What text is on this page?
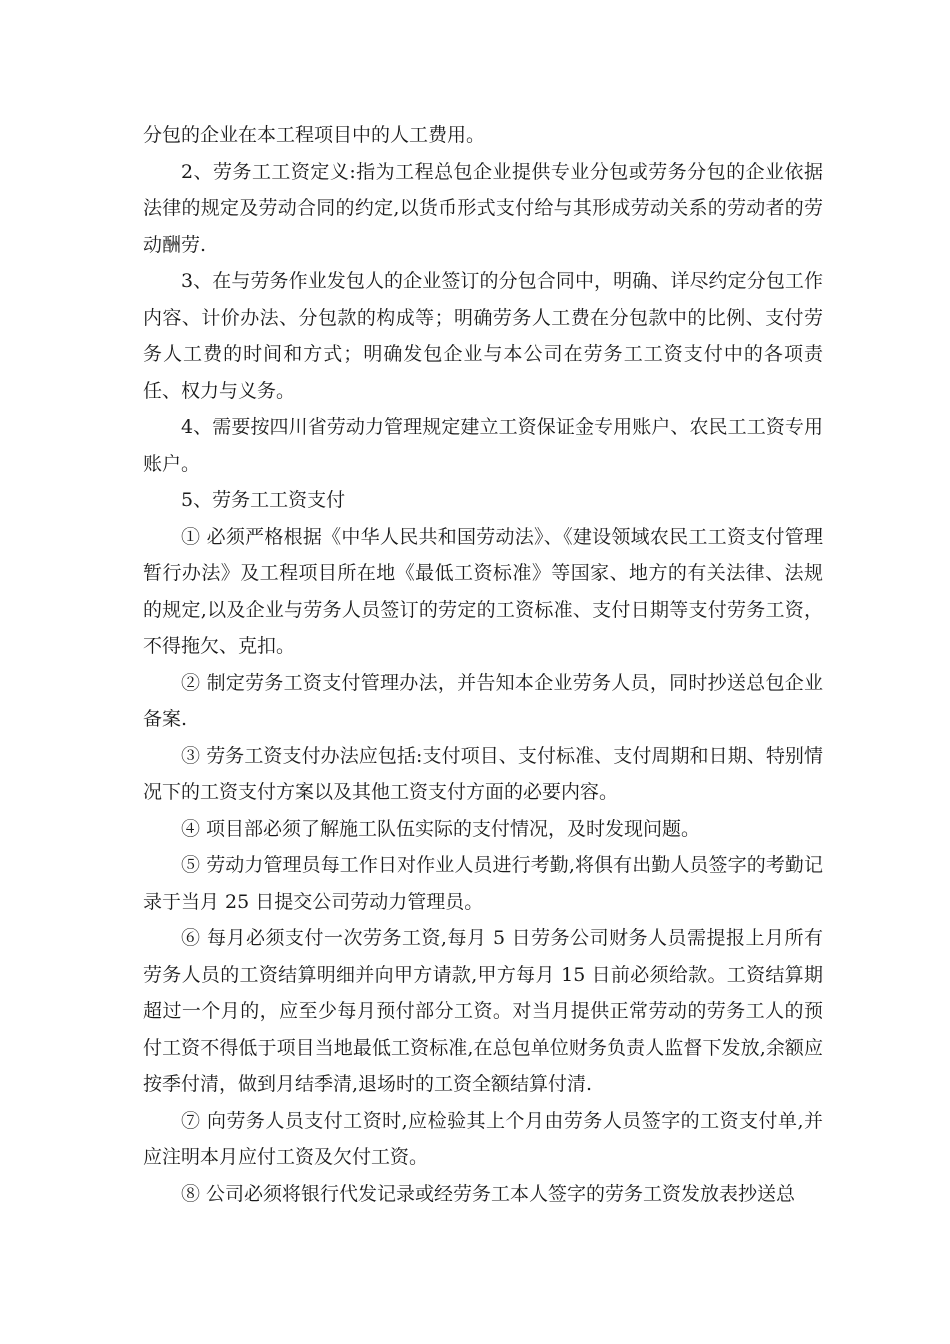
分包的企业在本工程项目中的人工费用。

2、劳务工工资定义:指为工程总包企业提供专业分包或劳务分包的企业依据法律的规定及劳动合同的约定,以货币形式支付给与其形成劳动关系的劳动者的劳动酬劳.

3、在与劳务作业发包人的企业签订的分包合同中，明确、详尽约定分包工作内容、计价办法、分包款的构成等；明确劳务人工费在分包款中的比例、支付劳务人工费的时间和方式；明确发包企业与本公司在劳务工工资支付中的各项责任、权力与义务。

4、需要按四川省劳动力管理规定建立工资保证金专用账户、农民工工资专用账户。

5、劳务工工资支付

① 必须严格根据《中华人民共和国劳动法》、《建设领域农民工工资支付管理暂行办法》及工程项目所在地《最低工资标准》等国家、地方的有关法律、法规的规定,以及企业与劳务人员签订的劳定的工资标准、支付日期等支付劳务工资，不得拖欠、克扣。

② 制定劳务工资支付管理办法，并告知本企业劳务人员，同时抄送总包企业备案.

③ 劳务工资支付办法应包括:支付项目、支付标准、支付周期和日期、特别情况下的工资支付方案以及其他工资支付方面的必要内容。

④ 项目部必须了解施工队伍实际的支付情况，及时发现问题。

⑤ 劳动力管理员每工作日对作业人员进行考勤,将俱有出勤人员签字的考勤记录于当月 25 日提交公司劳动力管理员。

⑥ 每月必须支付一次劳务工资,每月 5 日劳务公司财务人员需提报上月所有劳务人员的工资结算明细并向甲方请款,甲方每月 15 日前必须给款。工资结算期超过一个月的，应至少每月预付部分工资。对当月提供正常劳动的劳务工人的预付工资不得低于项目当地最低工资标准,在总包单位财务负责人监督下发放,余额应按季付清，做到月结季清,退场时的工资全额结算付清.

⑦ 向劳务人员支付工资时,应检验其上个月由劳务人员签字的工资支付单,并应注明本月应付工资及欠付工资。

⑧ 公司必须将银行代发记录或经劳务工本人签字的劳务工资发放表抄送总
